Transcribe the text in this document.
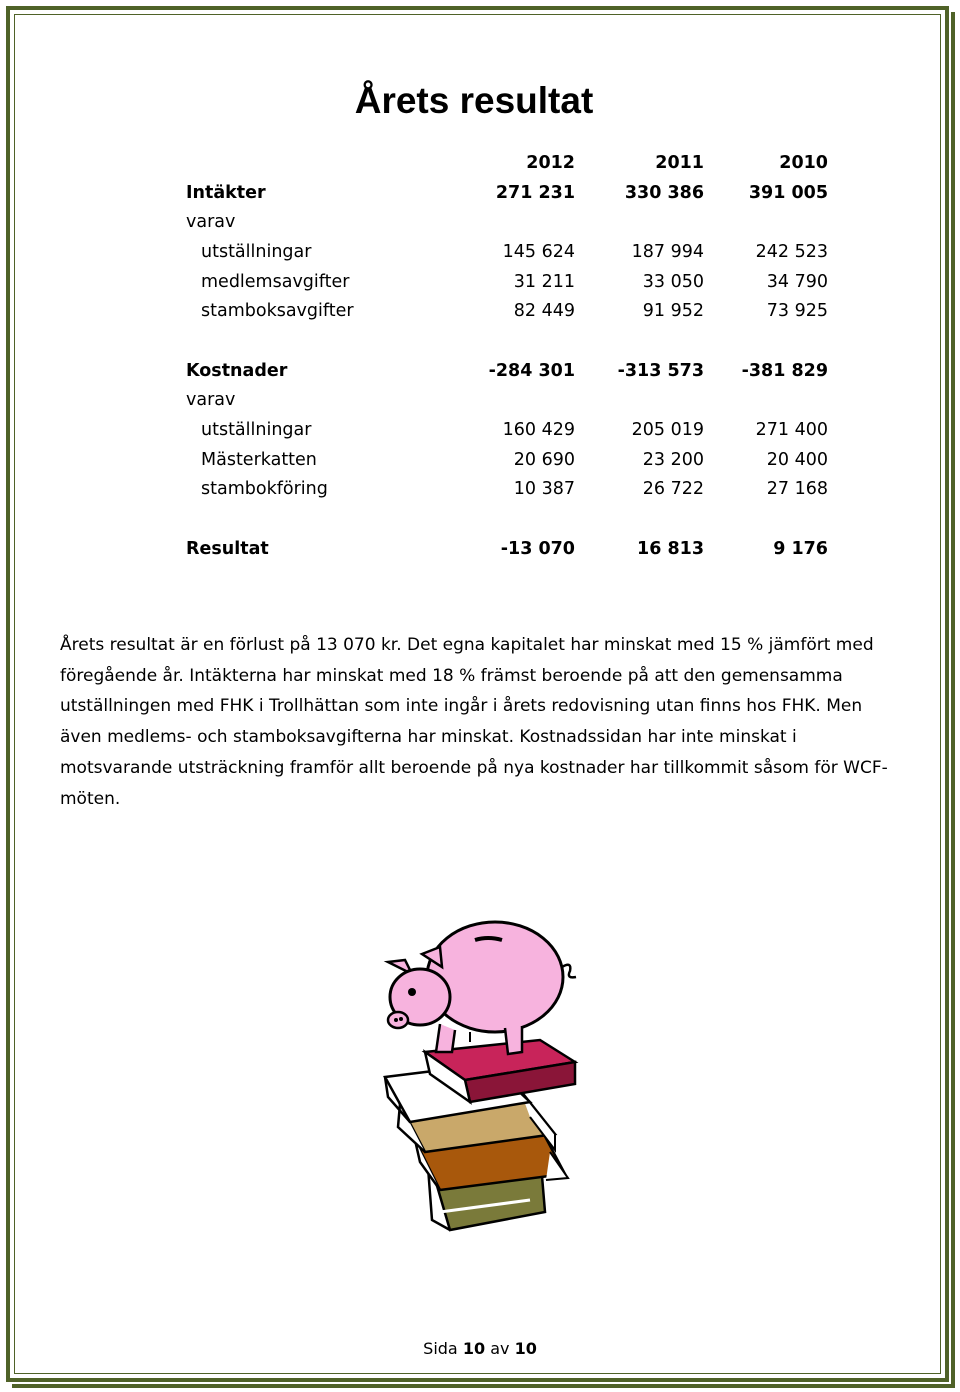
Årets resultat
	2012	2011	2010
Intäkter	271 231	330 386	391 005
varav			
utställningar	145 624	187 994	242 523
medlemsavgifter	31 211	33 050	34 790
stamboksavgifter	82 449	91 952	73 925

Kostnader	-284 301	-313 573	-381 829
varav			
utställningar	160 429	205 019	271 400
Mästerkatten	20 690	23 200	20 400
stambokföring	10 387	26 722	27 168

Resultat	-13 070	16 813	9 176
Årets resultat är en förlust på 13 070 kr. Det egna kapitalet har minskat med 15 % jämfört med föregående år. Intäkterna har minskat med 18 % främst beroende på att den gemensamma utställningen med FHK i Trollhättan som inte ingår i årets redovisning utan finns hos FHK. Men även medlems- och stamboksavgifterna har minskat. Kostnadssidan har inte minskat i motsvarande utsträckning framför allt beroende på nya kostnader har tillkommit såsom för WCF-möten.
Sida 10 av 10
